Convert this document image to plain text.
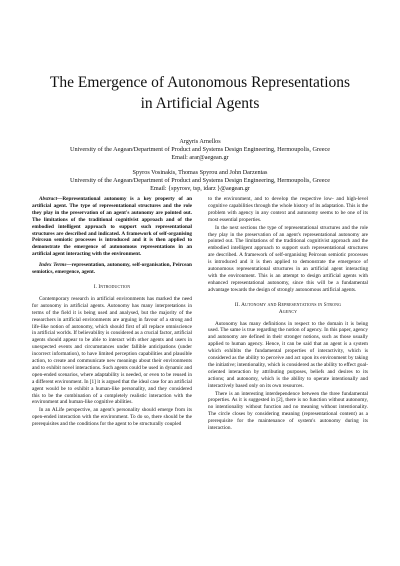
The Emergence of Autonomous Representations
in Artificial Agents
Argyris Arnellos
University of the Aegean/Department of Product and Systems Design Engineering, Hermoupolis, Greece
Email: arar@aegean.gr
Spyros Vosinakis, Thomas Spyrou and John Darzentas
University of the Aegean/Department of Product and Systems Design Engineering, Hermoupolis, Greece
Email: {spyrosv, tsp, idarz }@aegean.gr

Abstract—Representational autonomy is a key property of an artificial agent. The type of representational structures and the role they play in the preservation of an agent's autonomy are pointed out. The limitations of the traditional cognitivist approach and of the embodied intelligent approach to support such representational structures are described and indicated. A framework of self-organising Peircean semiotic processes is introduced and it is then applied to demonstrate the emergence of autonomous representations in an artificial agent interacting with the environment.

Index Terms—representation, autonomy, self-organisation, Peircean semiotics, emergence, agent.

I. Introduction

Contemporary research in artificial environments has marked the need for autonomy in artificial agents. Autonomy has many interpretations in terms of the field it is being used and analysed, but the majority of the researchers in artificial environments are arguing in favour of a strong and life-like notion of autonomy, which should first of all replace omniscience in artificial worlds. If believability is considered as a crucial factor, artificial agents should appear to be able to interact with other agents and users in unexpected events and circumstances under fallible anticipations (under incorrect information), to have limited perception capabilities and plausible action, to create and communicate new meanings about their environments and to exhibit novel interactions. Such agents could be used in dynamic and open-ended scenarios, where adaptability is needed, or even to be reused in a different environment. In [1] it is argued that the ideal case for an artificial agent would be to exhibit a human-like personality, and they considered this to be the combination of a completely realistic interaction with the environment and human-like cognitive abilities.

In an ALife perspective, an agent's personality should emerge from its open-ended interaction with the environment. To do so, there should be the prerequisites and the conditions for the agent to be structurally coupled

to the environment, and to develop the respective low- and high-level cognitive capabilities through the whole history of its adaptation. This is the problem with agency in any context and autonomy seems to be one of its most essential properties.

In the next sections the type of representational structures and the role they play in the preservation of an agent's representational autonomy are pointed out. The limitations of the traditional cognitivist approach and the embodied intelligent approach to support such representational structures are described. A framework of self-organising Peircean semiotic processes is introduced and it is then applied to demonstrate the emergence of autonomous representational structures in an artificial agent interacting with the environment. This is an attempt to design artificial agents with enhanced representational autonomy, since this will be a fundamental advantage towards the design of strongly autonomous artificial agents.

II. Autonomy and Representations in Strong
Agency

Autonomy has many definitions in respect to the domain it is being used. The same is true regarding the notion of agency. In this paper, agency and autonomy are defined in their stronger notions, such as those usually applied to human agency. Hence, it can be said that an agent is a system which exhibits the fundamental properties of interactivity, which is considered as the ability to perceive and act upon its environment by taking the initiative; intentionality, which is considered as the ability to effect goal-oriented interaction by attributing purposes, beliefs and desires to its actions; and autonomy, which is the ability to operate intentionally and interactively based only on its own resources.

There is an interesting interdependence between the three fundamental properties. As it is suggested in [2], there is no function without autonomy, no intentionality without function and no meaning without intentionality. The circle closes by considering meaning (representational content) as a prerequisite for the maintenance of system's autonomy during its interaction.
